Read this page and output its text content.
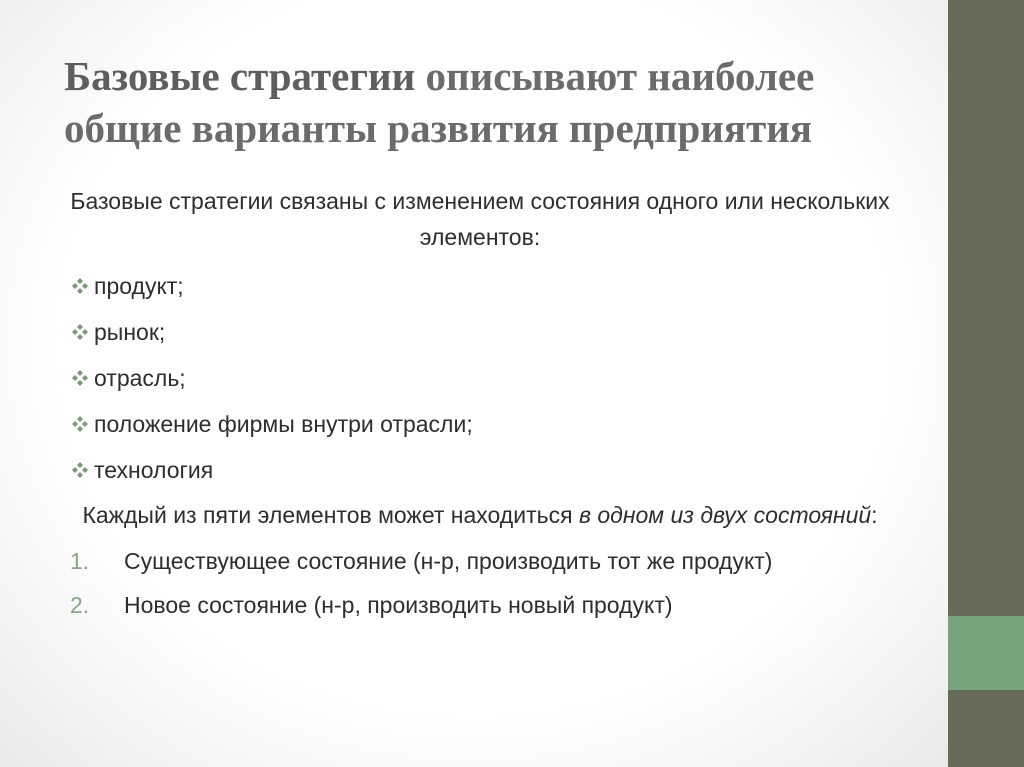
Базовые стратегии описывают наиболее общие варианты развития предприятия

Базовые стратегии связаны с изменением состояния одного или нескольких элементов:

продукт;
рынок;
отрасль;
положение фирмы внутри отрасли;
технология

Каждый из пяти элементов может находиться в одном из двух состояний:

1.	Существующее состояние (н-р, производить тот же продукт)
2.	Новое состояние (н-р, производить новый продукт)
